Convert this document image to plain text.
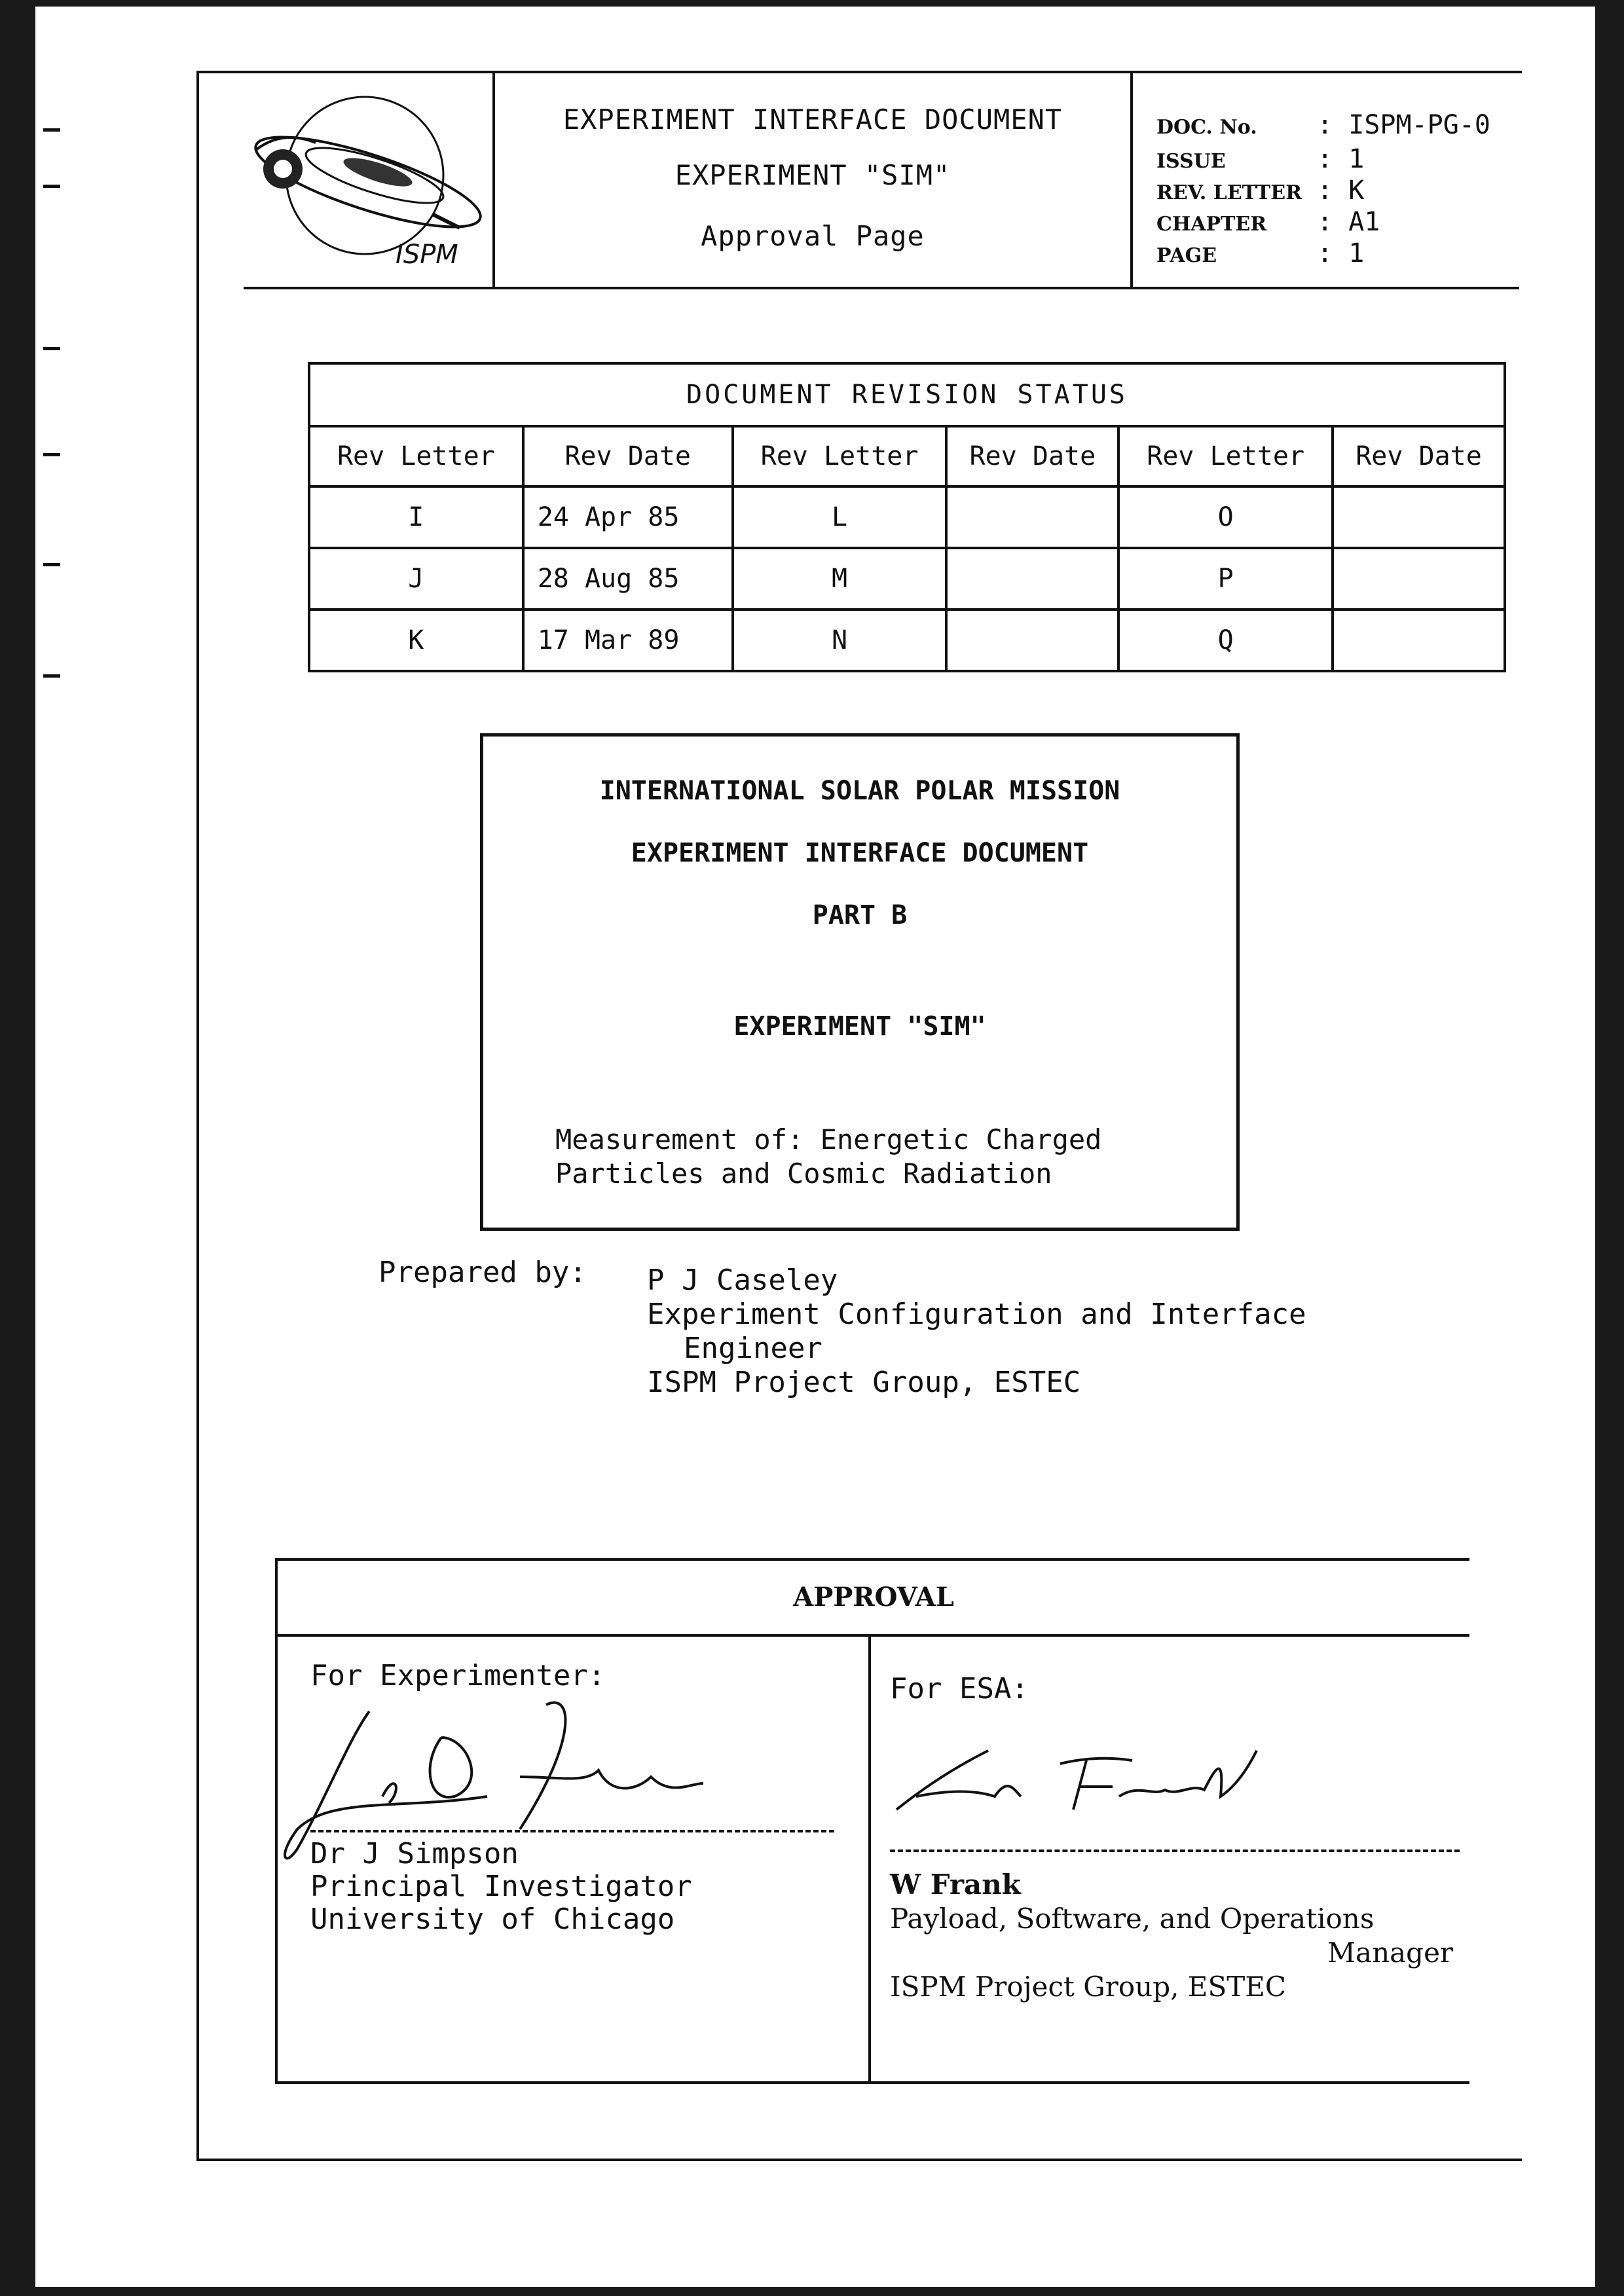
ISPM
EXPERIMENT INTERFACE DOCUMENT
EXPERIMENT "SIM"
Approval Page
DOC. No. : ISPM-PG-0
ISSUE	: 1
REV. LETTER : K
CHAPTER : A1
PAGE	: 1
DOCUMENT REVISION STATUS					
Rev Letter	Rev Date	Rev Letter	Rev Date	Rev Letter	Rev Date
I	24 Apr 85	L		O	
J	28 Aug 85	M		P	
K	17 Mar 89	N		Q	
INTERNATIONAL SOLAR POLAR MISSION
EXPERIMENT INTERFACE DOCUMENT
PART B
EXPERIMENT "SIM"
Measurement of: Energetic Charged
Particles and Cosmic Radiation
Prepared by: P J Caseley
Experiment Configuration and Interface
Engineer
ISPM Project Group, ESTEC
APPROVAL
For Experimenter:
Dr J Simpson
Principal Investigator
University of Chicago
For ESA:
W Frank
Payload, Software, and Operations
Manager
ISPM Project Group, ESTEC
